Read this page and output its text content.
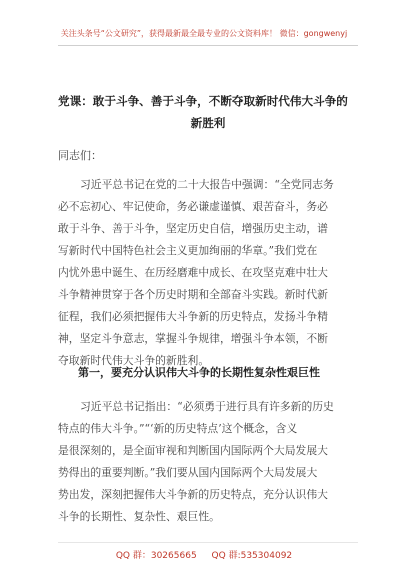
关注头条号“公文研究”，获得最新最全最专业的公文资料库！ 微信：gongwenyj
党课：敢于斗争、善于斗争，不断夺取新时代伟大斗争的
新胜利
同志们：
习近平总书记在党的二十大报告中强调：“全党同志务
必不忘初心、牢记使命，务必谦虚谨慎、艰苦奋斗，务必
敢于斗争、善于斗争，坚定历史自信，增强历史主动，谱
写新时代中国特色社会主义更加绚丽的华章。”我们党在
内忧外患中诞生、在历经磨难中成长、在攻坚克难中壮大
斗争精神贯穿于各个历史时期和全部奋斗实践。新时代新
征程，我们必须把握伟大斗争新的历史特点，发扬斗争精
神，坚定斗争意志，掌握斗争规律，增强斗争本领，不断
夺取新时代伟大斗争的新胜利。
第一，要充分认识伟大斗争的长期性复杂性艰巨性
习近平总书记指出：“必须勇于进行具有许多新的历史
特点的伟大斗争。”“‘新的历史特点’这个概念，含义
是很深刻的，是全面审视和判断国内国际两个大局发展大
势得出的重要判断。”我们要从国内国际两个大局发展大
势出发，深刻把握伟大斗争新的历史特点，充分认识伟大
斗争的长期性、复杂性、艰巨性。
QQ 群：30265665 QQ 群:535304092
